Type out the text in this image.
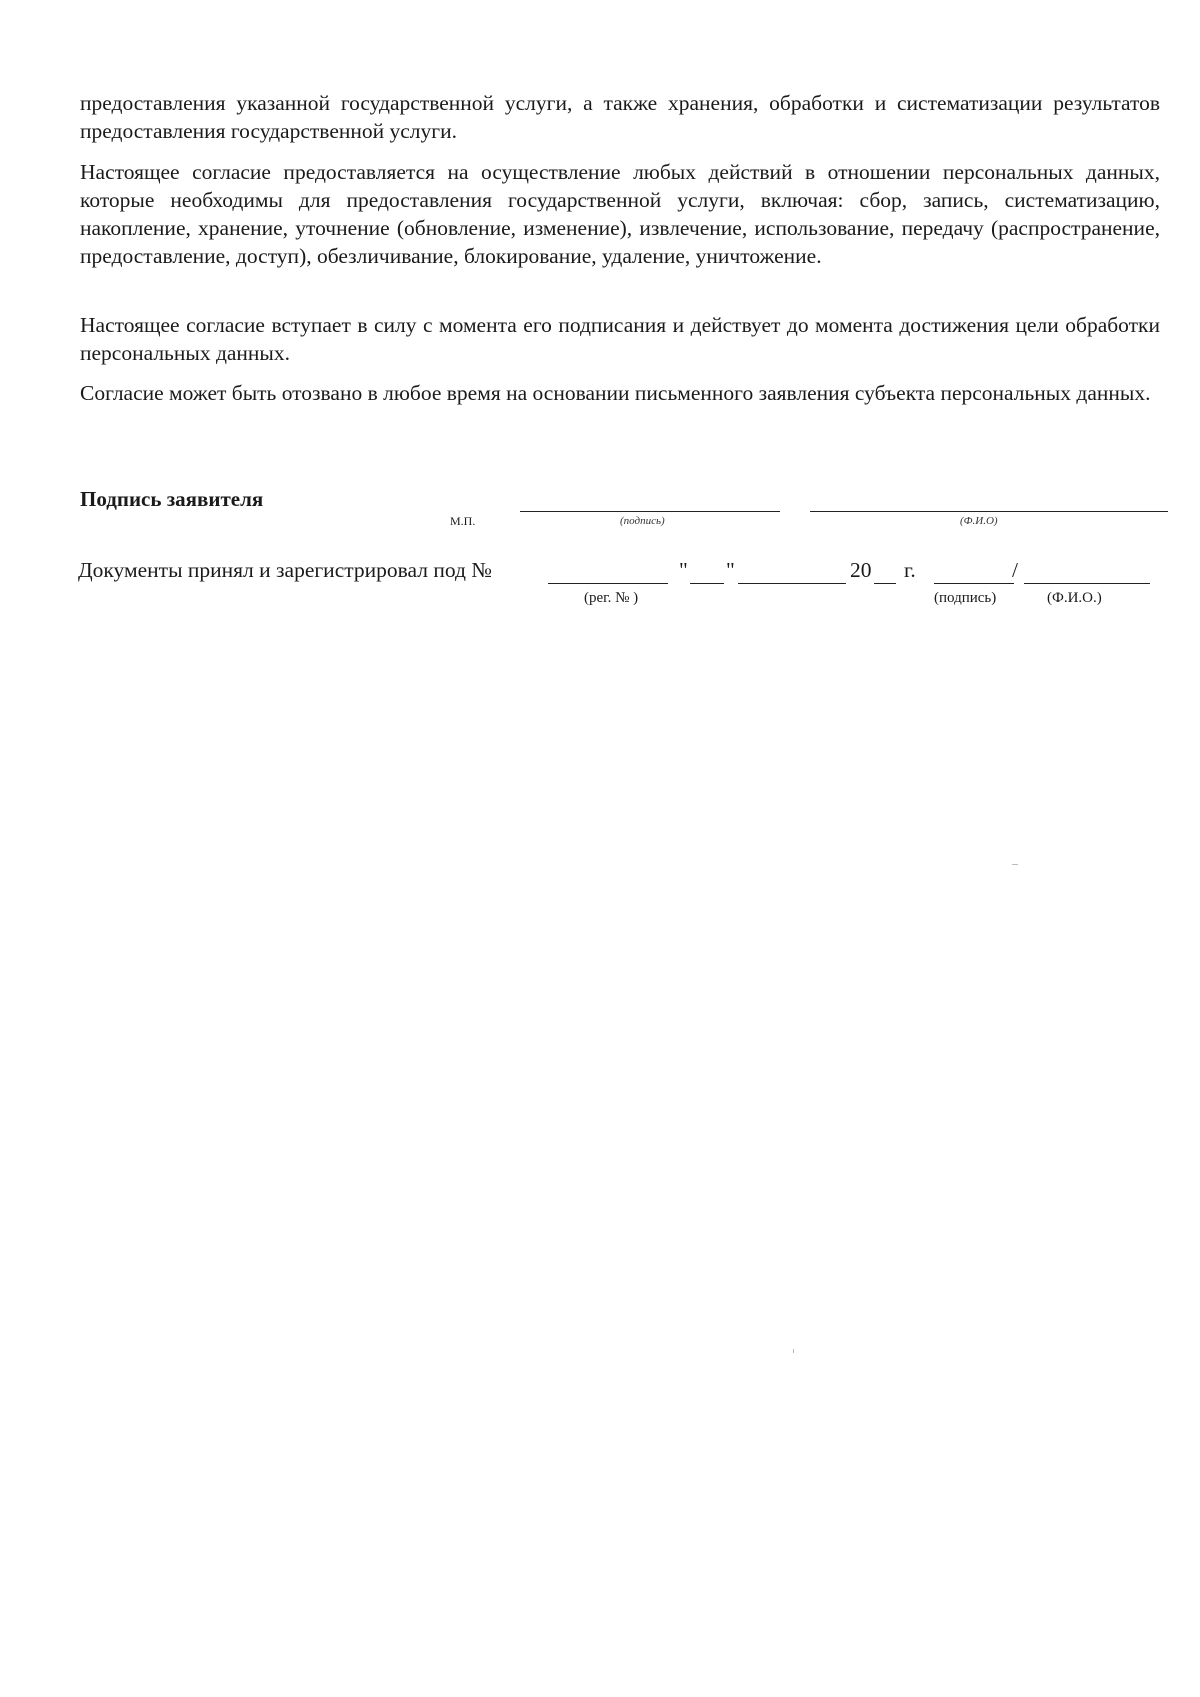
предоставления указанной государственной услуги, а также хранения, обработки и систематизации результатов предоставления государственной услуги.

Настоящее согласие предоставляется на осуществление любых действий в отношении персональных данных, которые необходимы для предоставления государственной услуги, включая: сбор, запись, систематизацию, накопление, хранение, уточнение (обновление, изменение), извлечение, использование, передачу (распространение, предоставление, доступ), обезличивание, блокирование, удаление, уничтожение.

Настоящее согласие вступает в силу с момента его подписания и действует до момента достижения цели обработки персональных данных.

Согласие может быть отозвано в любое время на основании письменного заявления субъекта персональных данных.

Подпись заявителя
М.П.	(подпись)	(Ф.И.О)
Документы принял и зарегистрировал под №	" "	20 г.	/
(рег. № )	(подпись)	(Ф.И.О.)
